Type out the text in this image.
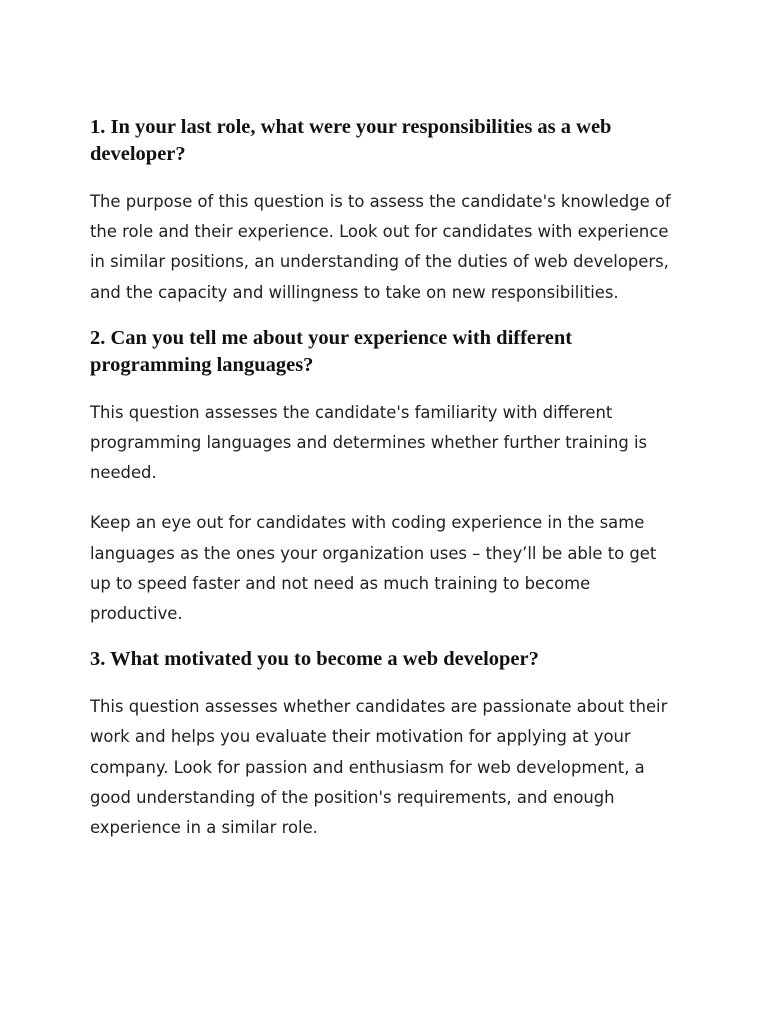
1. In your last role, what were your responsibilities as a web developer?

The purpose of this question is to assess the candidate's knowledge of the role and their experience. Look out for candidates with experience in similar positions, an understanding of the duties of web developers, and the capacity and willingness to take on new responsibilities.

2. Can you tell me about your experience with different programming languages?

This question assesses the candidate's familiarity with different programming languages and determines whether further training is needed.

Keep an eye out for candidates with coding experience in the same languages as the ones your organization uses – they’ll be able to get up to speed faster and not need as much training to become productive.

3. What motivated you to become a web developer?

This question assesses whether candidates are passionate about their work and helps you evaluate their motivation for applying at your company. Look for passion and enthusiasm for web development, a good understanding of the position's requirements, and enough experience in a similar role.
